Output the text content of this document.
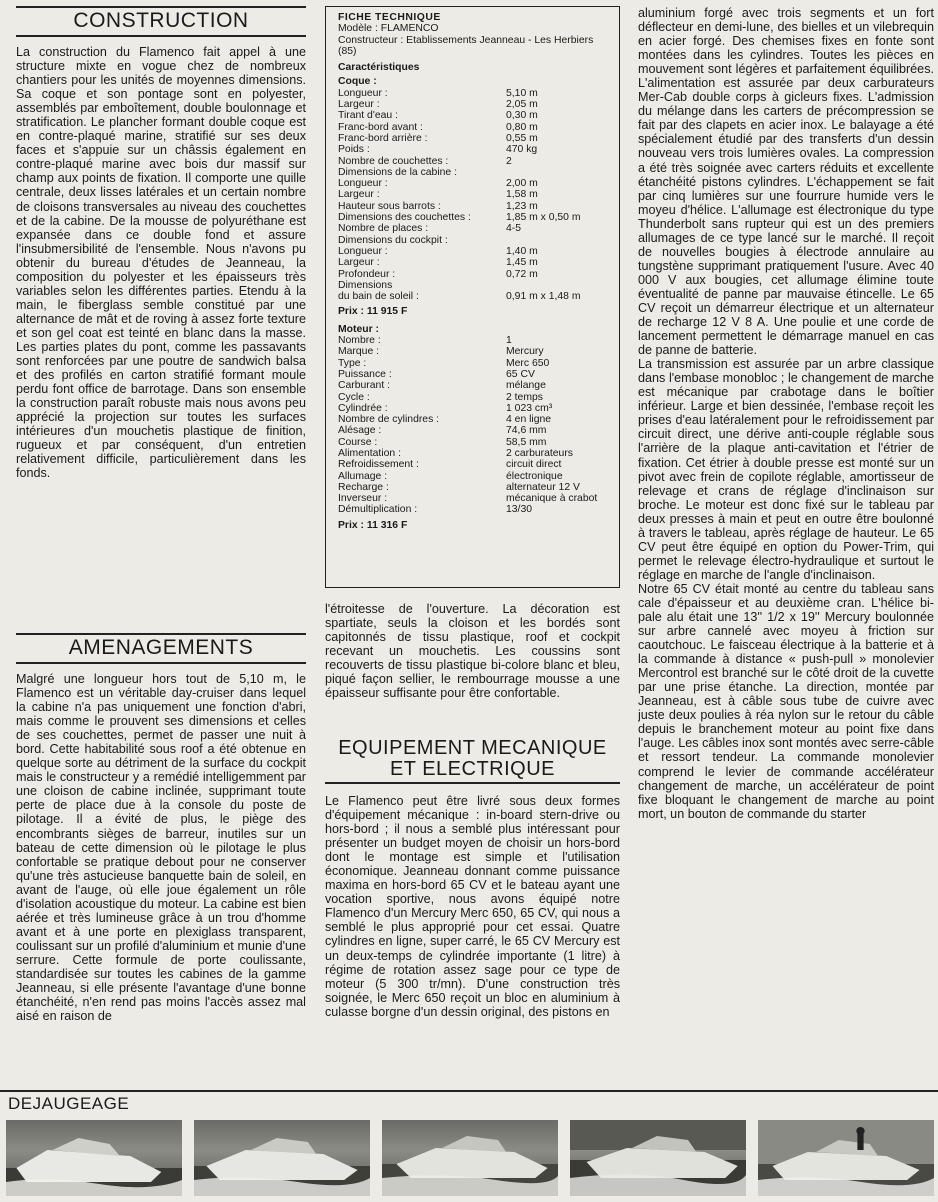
CONSTRUCTION

La construction du Flamenco fait appel à une structure mixte en vogue chez de nombreux chantiers pour les unités de moyennes dimensions. Sa coque et son pontage sont en polyester, assemblés par emboîtement, double boulonnage et stratification. Le plancher formant double coque est en contre-plaqué marine, stratifié sur ses deux faces et s'appuie sur un châssis également en contre-plaqué marine avec bois dur massif sur champ aux points de fixation. Il comporte une quille centrale, deux lisses latérales et un certain nombre de cloisons transversales au niveau des couchettes et de la cabine. De la mousse de polyuréthane est expansée dans ce double fond et assure l'insubmersibilité de l'ensemble. Nous n'avons pu obtenir du bureau d'études de Jeanneau, la composition du polyester et les épaisseurs très variables selon les différentes parties. Etendu à la main, le fiberglass semble constitué par une alternance de mât et de roving à assez forte texture et son gel coat est teinté en blanc dans la masse. Les parties plates du pont, comme les passavants sont renforcées par une poutre de sandwich balsa et des profilés en carton stratifié formant moule perdu font office de barrotage. Dans son ensemble la construction paraît robuste mais nous avons peu apprécié la projection sur toutes les surfaces intérieures d'un mouchetis plastique de finition, rugueux et par conséquent, d'un entretien relativement difficile, particulièrement dans les fonds.

AMENAGEMENTS

Malgré une longueur hors tout de 5,10 m, le Flamenco est un véritable day-cruiser dans lequel la cabine n'a pas uniquement une fonction d'abri, mais comme le prouvent ses dimensions et celles de ses couchettes, permet de passer une nuit à bord. Cette habitabilité sous roof a été obtenue en quelque sorte au détriment de la surface du cockpit mais le constructeur y a remédié intelligemment par une cloison de cabine inclinée, supprimant toute perte de place due à la console du poste de pilotage. Il a évité de plus, le piège des encombrants sièges de barreur, inutiles sur un bateau de cette dimension où le pilotage le plus confortable se pratique debout pour ne conserver qu'une très astucieuse banquette bain de soleil, en avant de l'auge, où elle joue également un rôle d'isolation acoustique du moteur. La cabine est bien aérée et très lumineuse grâce à un trou d'homme avant et à une porte en plexiglass transparent, coulissant sur un profilé d'aluminium et munie d'une serrure. Cette formule de porte coulissante, standardisée sur toutes les cabines de la gamme Jeanneau, si elle présente l'avantage d'une bonne étanchéité, n'en rend pas moins l'accès assez mal aisé en raison de

FICHE TECHNIQUE
Modèle : FLAMENCO
Constructeur : Etablissements Jeanneau - Les Herbiers (85)
Caractéristiques
Coque :
Longueur :	5,10 m
Largeur :	2,05 m
Tirant d'eau :	0,30 m
Franc-bord avant :	0,80 m
Franc-bord arrière :	0,55 m
Poids :	470 kg
Nombre de couchettes :	2
Dimensions de la cabine :
Longueur :	2,00 m
Largeur :	1,58 m
Hauteur sous barrots :	1,23 m
Dimensions des couchettes :	1,85 m x 0,50 m
Nombre de places :	4-5
Dimensions du cockpit :
Longueur :	1,40 m
Largeur :	1,45 m
Profondeur :	0,72 m
Dimensions
du bain de soleil :	0,91 m x 1,48 m
Prix : 11 915 F
Moteur :
Nombre :	1
Marque :	Mercury
Type :	Merc 650
Puissance :	65 CV
Carburant :	mélange
Cycle :	2 temps
Cylindrée :	1 023 cm³
Nombre de cylindres :	4 en ligne
Alésage :	74,6 mm
Course :	58,5 mm
Alimentation :	2 carburateurs
Refroidissement :	circuit direct
Allumage :	électronique
Recharge :	alternateur 12 V
Inverseur :	mécanique à crabot
Démultiplication :	13/30
Prix : 11 316 F

l'étroitesse de l'ouverture. La décoration est spartiate, seuls la cloison et les bordés sont capitonnés de tissu plastique, roof et cockpit recevant un mouchetis. Les coussins sont recouverts de tissu plastique bi-colore blanc et bleu, piqué façon sellier, le rembourrage mousse a une épaisseur suffisante pour être confortable.

EQUIPEMENT MECANIQUE
ET ELECTRIQUE

Le Flamenco peut être livré sous deux formes d'équipement mécanique : in-board stern-drive ou hors-bord ; il nous a semblé plus intéressant pour présenter un budget moyen de choisir un hors-bord dont le montage est simple et l'utilisation économique. Jeanneau donnant comme puissance maxima en hors-bord 65 CV et le bateau ayant une vocation sportive, nous avons équipé notre Flamenco d'un Mercury Merc 650, 65 CV, qui nous a semblé le plus approprié pour cet essai. Quatre cylindres en ligne, super carré, le 65 CV Mercury est un deux-temps de cylindrée importante (1 litre) à régime de rotation assez sage pour ce type de moteur (5 300 tr/mn). D'une construction très soignée, le Merc 650 reçoit un bloc en aluminium à culasse borgne d'un dessin original, des pistons en

aluminium forgé avec trois segments et un fort déflecteur en demi-lune, des bielles et un vilebrequin en acier forgé. Des chemises fixes en fonte sont montées dans les cylindres. Toutes les pièces en mouvement sont légères et parfaitement équilibrées. L'alimentation est assurée par deux carburateurs Mer-Cab double corps à gicleurs fixes. L'admission du mélange dans les carters de précompression se fait par des clapets en acier inox. Le balayage a été spécialement étudié par des transferts d'un dessin nouveau vers trois lumières ovales. La compression a été très soignée avec carters réduits et excellente étanchéité pistons cylindres. L'échappement se fait par cinq lumières sur une fourrure humide vers le moyeu d'hélice. L'allumage est électronique du type Thunderbolt sans rupteur qui est un des premiers allumages de ce type lancé sur le marché. Il reçoit de nouvelles bougies à électrode annulaire au tungstène supprimant pratiquement l'usure. Avec 40 000 V aux bougies, cet allumage élimine toute éventualité de panne par mauvaise étincelle. Le 65 CV reçoit un démarreur électrique et un alternateur de recharge 12 V 8 A. Une poulie et une corde de lancement permettent le démarrage manuel en cas de panne de batterie.

La transmission est assurée par un arbre classique dans l'embase monobloc ; le changement de marche est mécanique par crabotage dans le boîtier inférieur. Large et bien dessinée, l'embase reçoit les prises d'eau latéralement pour le refroidissement par circuit direct, une dérive anti-couple réglable sous l'arrière de la plaque anti-cavitation et l'étrier de fixation. Cet étrier à double presse est monté sur un pivot avec frein de copilote réglable, amortisseur de relevage et crans de réglage d'inclinaison sur broche. Le moteur est donc fixé sur le tableau par deux presses à main et peut en outre être boulonné à travers le tableau, après réglage de hauteur. Le 65 CV peut être équipé en option du Power-Trim, qui permet le relevage électro-hydraulique et surtout le réglage en marche de l'angle d'inclinaison.

Notre 65 CV était monté au centre du tableau sans cale d'épaisseur et au deuxième cran. L'hélice bi-pale alu était une 13'' 1/2 x 19'' Mercury boulonnée sur arbre cannelé avec moyeu à friction sur caoutchouc. Le faisceau électrique à la batterie et à la commande à distance « push-pull » monolevier Mercontrol est branché sur le côté droit de la cuvette par une prise étanche. La direction, montée par Jeanneau, est à câble sous tube de cuivre avec juste deux poulies à réa nylon sur le retour du câble depuis le branchement moteur au point fixe dans l'auge. Les câbles inox sont montés avec serre-câble et ressort tendeur. La commande monolevier comprend le levier de commande accélérateur changement de marche, un accélérateur de point fixe bloquant le changement de marche au point mort, un bouton de commande du starter

DEJAUGEAGE
